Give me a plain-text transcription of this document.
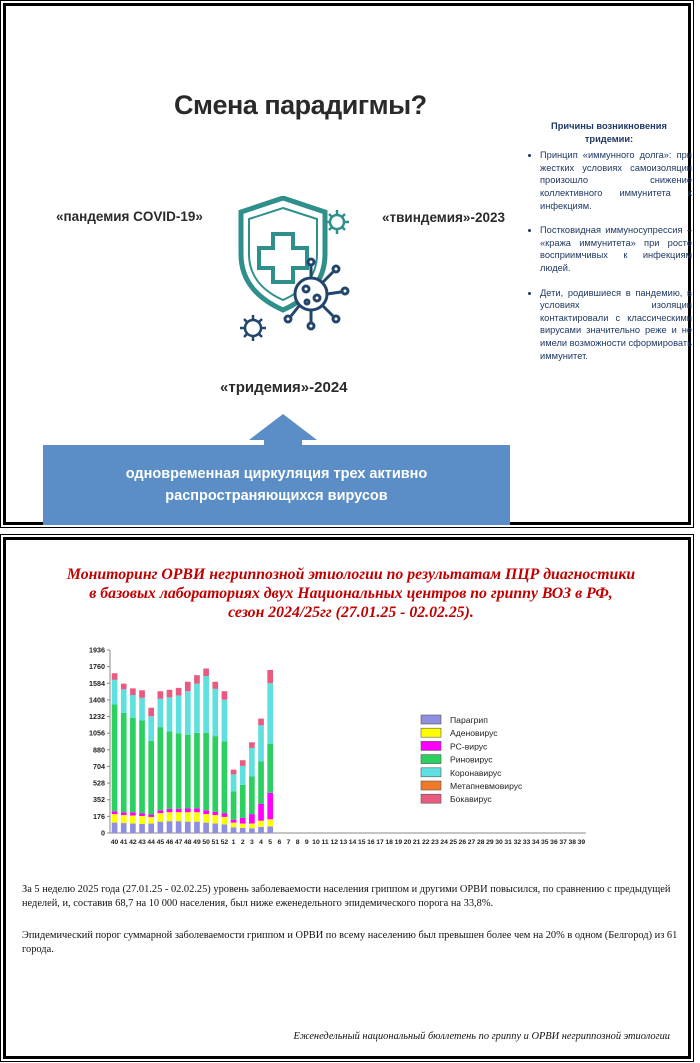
Смена парадигмы?
«пандемия COVID-19»	«твиндемия»-2023
«тридемия»-2024
Причины возникновения
тридемии:
• Принцип «иммунного долга»: при жестких условиях самоизоляции произошло снижение коллективного иммунитета к инфекциям.
• Постковидная иммуносупрессия – «кража иммунитета» при росте восприимчивых к инфекциям людей.
• Дети, родившиеся в пандемию, в условиях изоляции контактировали с классическими вирусами значительно реже и не имели возможности сформировать иммунитет.
одновременная циркуляция трех активно
распространяющихся вирусов
Мониторинг ОРВИ негриппозной этиологии по результатам ПЦР диагностики
в базовых лабораториях двух Национальных центров по гриппу ВОЗ в РФ,
сезон 2024/25гг (27.01.25 - 02.02.25).
0
176
352
528
704
880
1056
1232
1408
1584
1760
1936
40 41 42 43 44 45 46 47 48 49 50 51 52 1 2 3 4 5 6 7 8 9 10 11 12 13 14 15 16 17 18 19 20 21 22 23 24 25 26 27 28 29 30 31 32 33 34 35 36 37 38 39
Парагрип
Аденовирус
РС-вирус
Риновирус
Коронавирус
Метапневмовирус
Бокавирус
За 5 неделю 2025 года (27.01.25 - 02.02.25) уровень заболеваемости населения гриппом и другими ОРВИ повысился, по сравнению с предыдущей неделей, и, составив 68,7 на 10 000 населения, был ниже еженедельного эпидемического порога на 33,8%.
Эпидемический порог суммарной заболеваемости гриппом и ОРВИ по всему населению был превышен более чем на 20% в одном (Белгород) из 61 города.
Еженедельный национальный бюллетень по гриппу и ОРВИ негриппозной этиологии
